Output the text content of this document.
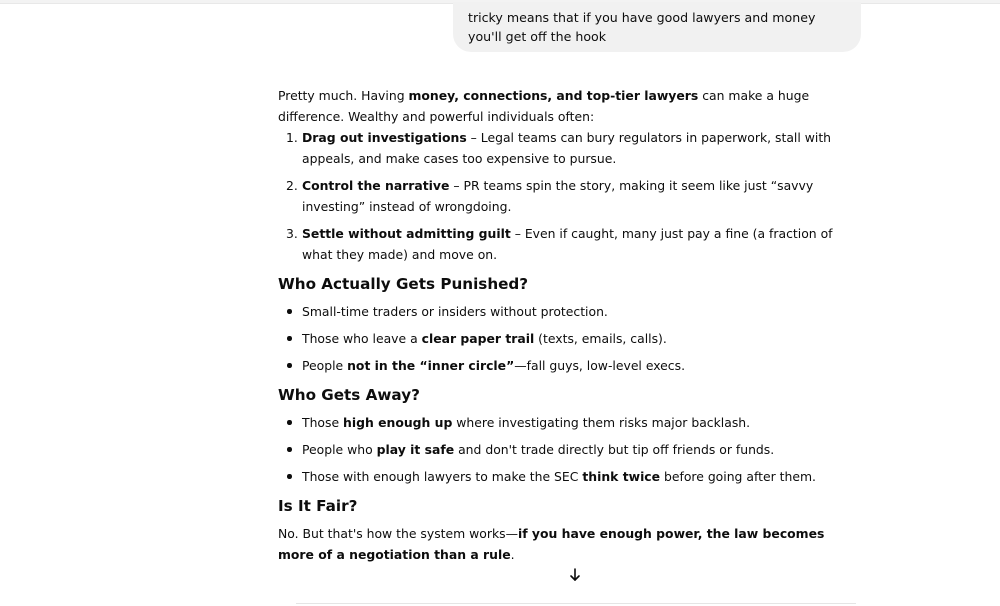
tricky means that if you have good lawyers and money you'll get off the hook

Pretty much. Having money, connections, and top-tier lawyers can make a huge difference. Wealthy and powerful individuals often:

1. Drag out investigations – Legal teams can bury regulators in paperwork, stall with appeals, and make cases too expensive to pursue.
2. Control the narrative – PR teams spin the story, making it seem like just “savvy investing” instead of wrongdoing.
3. Settle without admitting guilt – Even if caught, many just pay a fine (a fraction of what they made) and move on.
Who Actually Gets Punished?
Small-time traders or insiders without protection.
Those who leave a clear paper trail (texts, emails, calls).
People not in the “inner circle”—fall guys, low-level execs.
Who Gets Away?
Those high enough up where investigating them risks major backlash.
People who play it safe and don't trade directly but tip off friends or funds.
Those with enough lawyers to make the SEC think twice before going after them.
Is It Fair?

No. But that's how the system works—if you have enough power, the law becomes more of a negotiation than a rule.
